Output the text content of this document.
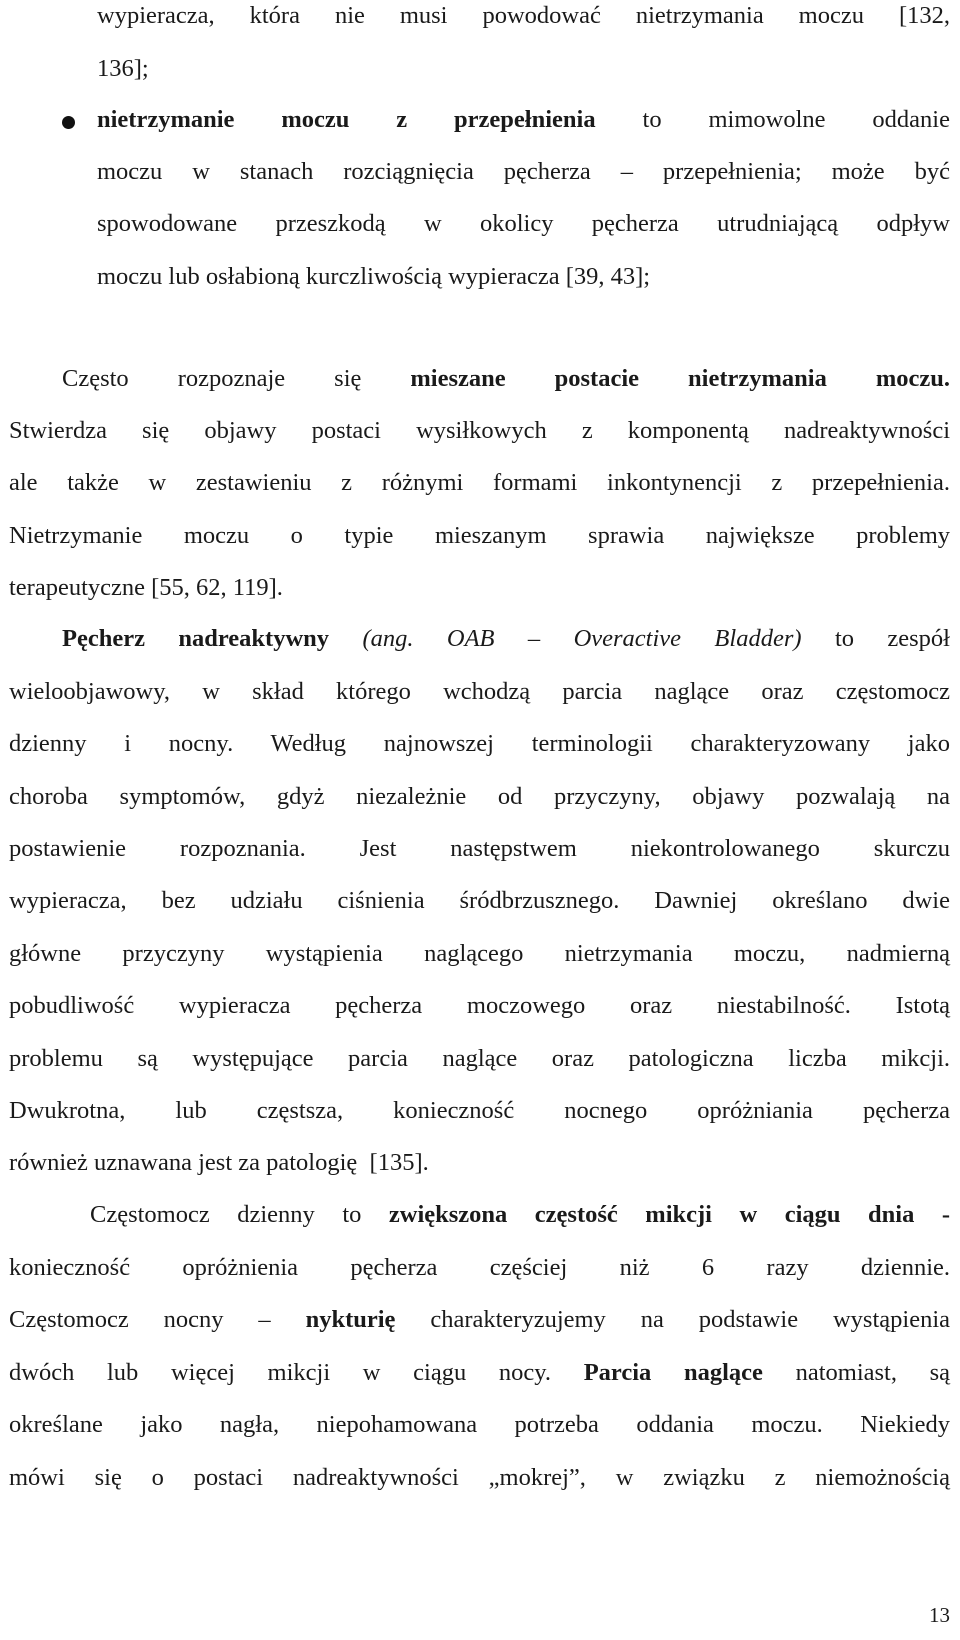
wypieracza, która nie musi powodować nietrzymania moczu [132,
136];
nietrzymanie moczu z przepełnienia to mimowolne oddanie
moczu w stanach rozciągnięcia pęcherza – przepełnienia; może być
spowodowane przeszkodą w okolicy pęcherza utrudniającą odpływ
moczu lub osłabioną kurczliwością wypieracza [39, 43];
Często rozpoznaje się mieszane postacie nietrzymania moczu.
Stwierdza się objawy postaci wysiłkowych z komponentą nadreaktywności
ale także w zestawieniu z różnymi formami inkontynencji z przepełnienia.
Nietrzymanie moczu o typie mieszanym sprawia największe problemy
terapeutyczne [55, 62, 119].
Pęcherz nadreaktywny (ang. OAB – Overactive Bladder) to zespół
wieloobjawowy, w skład którego wchodzą parcia naglące oraz częstomocz
dzienny i nocny. Według najnowszej terminologii charakteryzowany jako
choroba symptomów, gdyż niezależnie od przyczyny, objawy pozwalają na
postawienie rozpoznania. Jest następstwem niekontrolowanego skurczu
wypieracza, bez udziału ciśnienia śródbrzusznego. Dawniej określano dwie
główne przyczyny wystąpienia naglącego nietrzymania moczu, nadmierną
pobudliwość wypieracza pęcherza moczowego oraz niestabilność. Istotą
problemu są występujące parcia naglące oraz patologiczna liczba mikcji.
Dwukrotna, lub częstsza, konieczność nocnego opróżniania pęcherza
również uznawana jest za patologię  [135].
Częstomocz dzienny to zwiększona częstość mikcji w ciągu dnia -
konieczność opróżnienia pęcherza częściej niż 6 razy dziennie.
Częstomocz nocny – nykturię charakteryzujemy na podstawie wystąpienia
dwóch lub więcej mikcji w ciągu nocy. Parcia naglące natomiast, są
określane jako nagła, niepohamowana potrzeba oddania moczu. Niekiedy
mówi się o postaci nadreaktywności „mokrej”, w związku z niemożnością
13
